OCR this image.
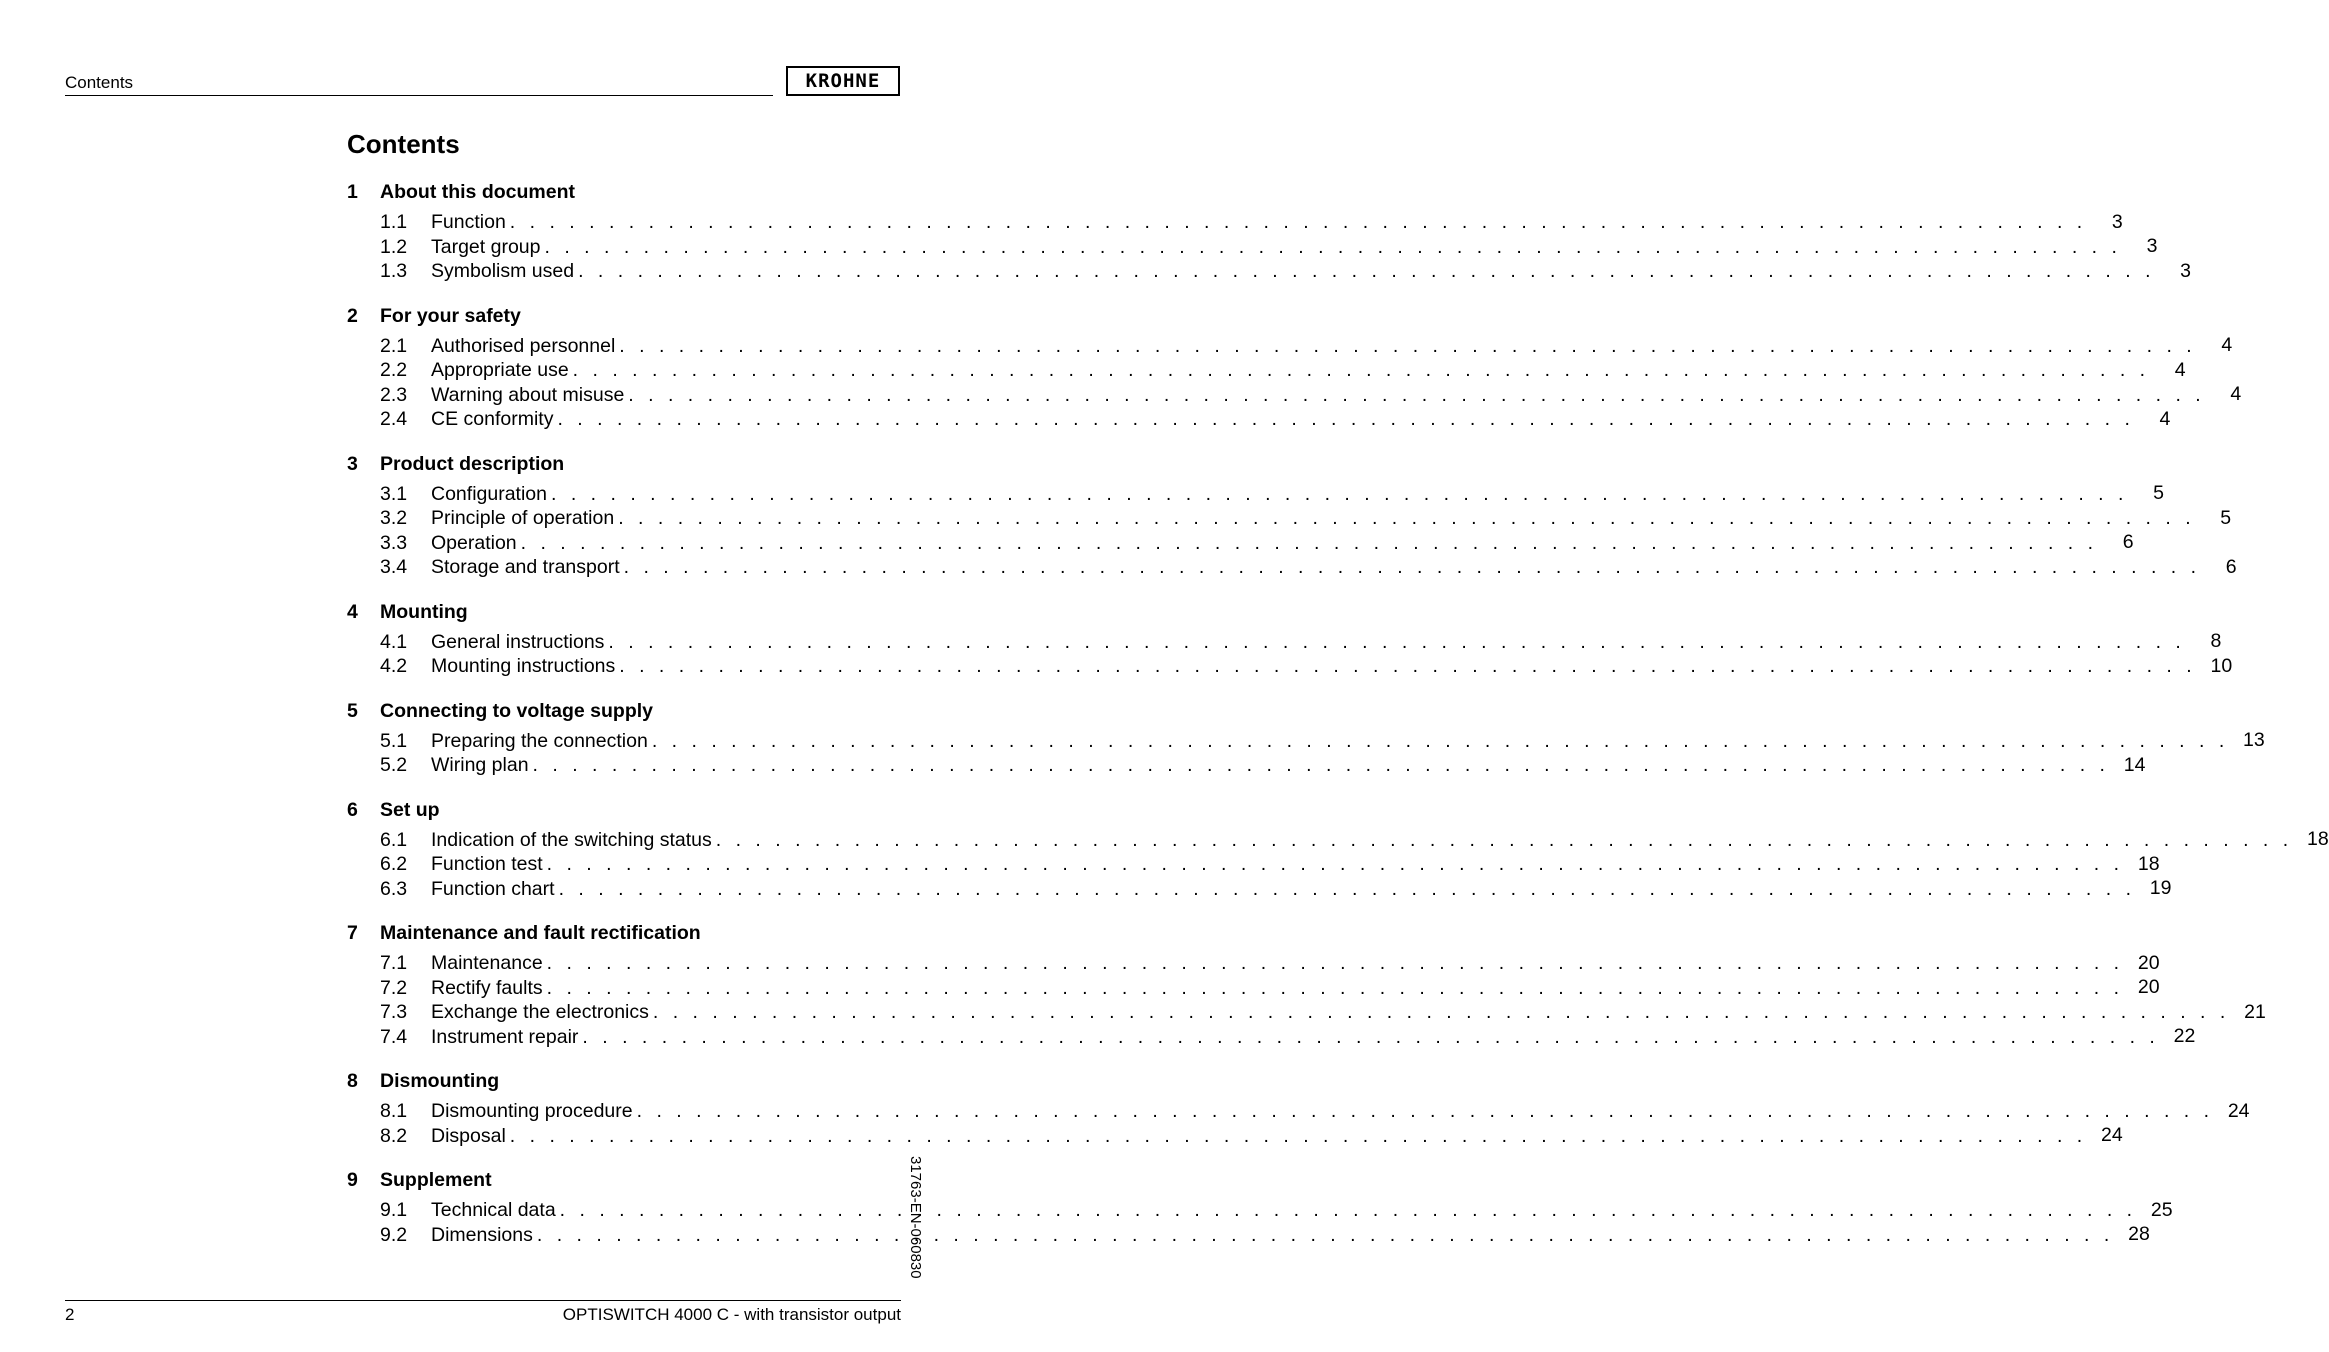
Contents	KROHNE
Contents
1	About this document
1.1	Function . . . . . . . . . . . . . . . . . . . . . . . . . . . . . . . . . . . . . . . . . . . . . . . . . . . . . . . . . . . . . . . . . . . . . . . . . . . . . . . . 3
1.2	Target group . . . . . . . . . . . . . . . . . . . . . . . . . . . . . . . . . . . . . . . . . . . . . . . . . . . . . . . . . . . . . . . . . . . . . . . . . . . . . . . . 3
1.3	Symbolism used . . . . . . . . . . . . . . . . . . . . . . . . . . . . . . . . . . . . . . . . . . . . . . . . . . . . . . . . . . . . . . . . . . . . . . . . . . . . . . . . 3
2	For your safety
2.1	Authorised personnel . . . . . . . . . . . . . . . . . . . . . . . . . . . . . . . . . . . . . . . . . . . . . . . . . . . . . . . . . . . . . . . . . . . . . . . . . . . . . . . . 4
2.2	Appropriate use . . . . . . . . . . . . . . . . . . . . . . . . . . . . . . . . . . . . . . . . . . . . . . . . . . . . . . . . . . . . . . . . . . . . . . . . . . . . . . . . 4
2.3	Warning about misuse . . . . . . . . . . . . . . . . . . . . . . . . . . . . . . . . . . . . . . . . . . . . . . . . . . . . . . . . . . . . . . . . . . . . . . . . . . . . . . . . 4
2.4	CE conformity . . . . . . . . . . . . . . . . . . . . . . . . . . . . . . . . . . . . . . . . . . . . . . . . . . . . . . . . . . . . . . . . . . . . . . . . . . . . . . . . 4
3	Product description
3.1	Configuration . . . . . . . . . . . . . . . . . . . . . . . . . . . . . . . . . . . . . . . . . . . . . . . . . . . . . . . . . . . . . . . . . . . . . . . . . . . . . . . . 5
3.2	Principle of operation . . . . . . . . . . . . . . . . . . . . . . . . . . . . . . . . . . . . . . . . . . . . . . . . . . . . . . . . . . . . . . . . . . . . . . . . . . . . . . . . 5
3.3	Operation . . . . . . . . . . . . . . . . . . . . . . . . . . . . . . . . . . . . . . . . . . . . . . . . . . . . . . . . . . . . . . . . . . . . . . . . . . . . . . . . 6
3.4	Storage and transport . . . . . . . . . . . . . . . . . . . . . . . . . . . . . . . . . . . . . . . . . . . . . . . . . . . . . . . . . . . . . . . . . . . . . . . . . . . . . . . . 6
4	Mounting
4.1	General instructions . . . . . . . . . . . . . . . . . . . . . . . . . . . . . . . . . . . . . . . . . . . . . . . . . . . . . . . . . . . . . . . . . . . . . . . . . . . . . . . . 8
4.2	Mounting instructions . . . . . . . . . . . . . . . . . . . . . . . . . . . . . . . . . . . . . . . . . . . . . . . . . . . . . . . . . . . . . . . . . . . . . . . . . . . . . . . . 10
5	Connecting to voltage supply
5.1	Preparing the connection . . . . . . . . . . . . . . . . . . . . . . . . . . . . . . . . . . . . . . . . . . . . . . . . . . . . . . . . . . . . . . . . . . . . . . . . . . . . . . . . 13
5.2	Wiring plan . . . . . . . . . . . . . . . . . . . . . . . . . . . . . . . . . . . . . . . . . . . . . . . . . . . . . . . . . . . . . . . . . . . . . . . . . . . . . . . . 14
6	Set up
6.1	Indication of the switching status . . . . . . . . . . . . . . . . . . . . . . . . . . . . . . . . . . . . . . . . . . . . . . . . . . . . . . . . . . . . . . . . . . . . . . . . . . . . . . . . 18
6.2	Function test . . . . . . . . . . . . . . . . . . . . . . . . . . . . . . . . . . . . . . . . . . . . . . . . . . . . . . . . . . . . . . . . . . . . . . . . . . . . . . . . 18
6.3	Function chart . . . . . . . . . . . . . . . . . . . . . . . . . . . . . . . . . . . . . . . . . . . . . . . . . . . . . . . . . . . . . . . . . . . . . . . . . . . . . . . . 19
7	Maintenance and fault rectification
7.1	Maintenance . . . . . . . . . . . . . . . . . . . . . . . . . . . . . . . . . . . . . . . . . . . . . . . . . . . . . . . . . . . . . . . . . . . . . . . . . . . . . . . . 20
7.2	Rectify faults . . . . . . . . . . . . . . . . . . . . . . . . . . . . . . . . . . . . . . . . . . . . . . . . . . . . . . . . . . . . . . . . . . . . . . . . . . . . . . . . 20
7.3	Exchange the electronics . . . . . . . . . . . . . . . . . . . . . . . . . . . . . . . . . . . . . . . . . . . . . . . . . . . . . . . . . . . . . . . . . . . . . . . . . . . . . . . . 21
7.4	Instrument repair . . . . . . . . . . . . . . . . . . . . . . . . . . . . . . . . . . . . . . . . . . . . . . . . . . . . . . . . . . . . . . . . . . . . . . . . . . . . . . . . 22
8	Dismounting
8.1	Dismounting procedure . . . . . . . . . . . . . . . . . . . . . . . . . . . . . . . . . . . . . . . . . . . . . . . . . . . . . . . . . . . . . . . . . . . . . . . . . . . . . . . . 24
8.2	Disposal . . . . . . . . . . . . . . . . . . . . . . . . . . . . . . . . . . . . . . . . . . . . . . . . . . . . . . . . . . . . . . . . . . . . . . . . . . . . . . . . 24
9	Supplement
9.1	Technical data . . . . . . . . . . . . . . . . . . . . . . . . . . . . . . . . . . . . . . . . . . . . . . . . . . . . . . . . . . . . . . . . . . . . . . . . . . . . . . . . 25
9.2	Dimensions . . . . . . . . . . . . . . . . . . . . . . . . . . . . . . . . . . . . . . . . . . . . . . . . . . . . . . . . . . . . . . . . . . . . . . . . . . . . . . . . 28
31763-EN-060830
2	OPTISWITCH 4000 C - with transistor output
